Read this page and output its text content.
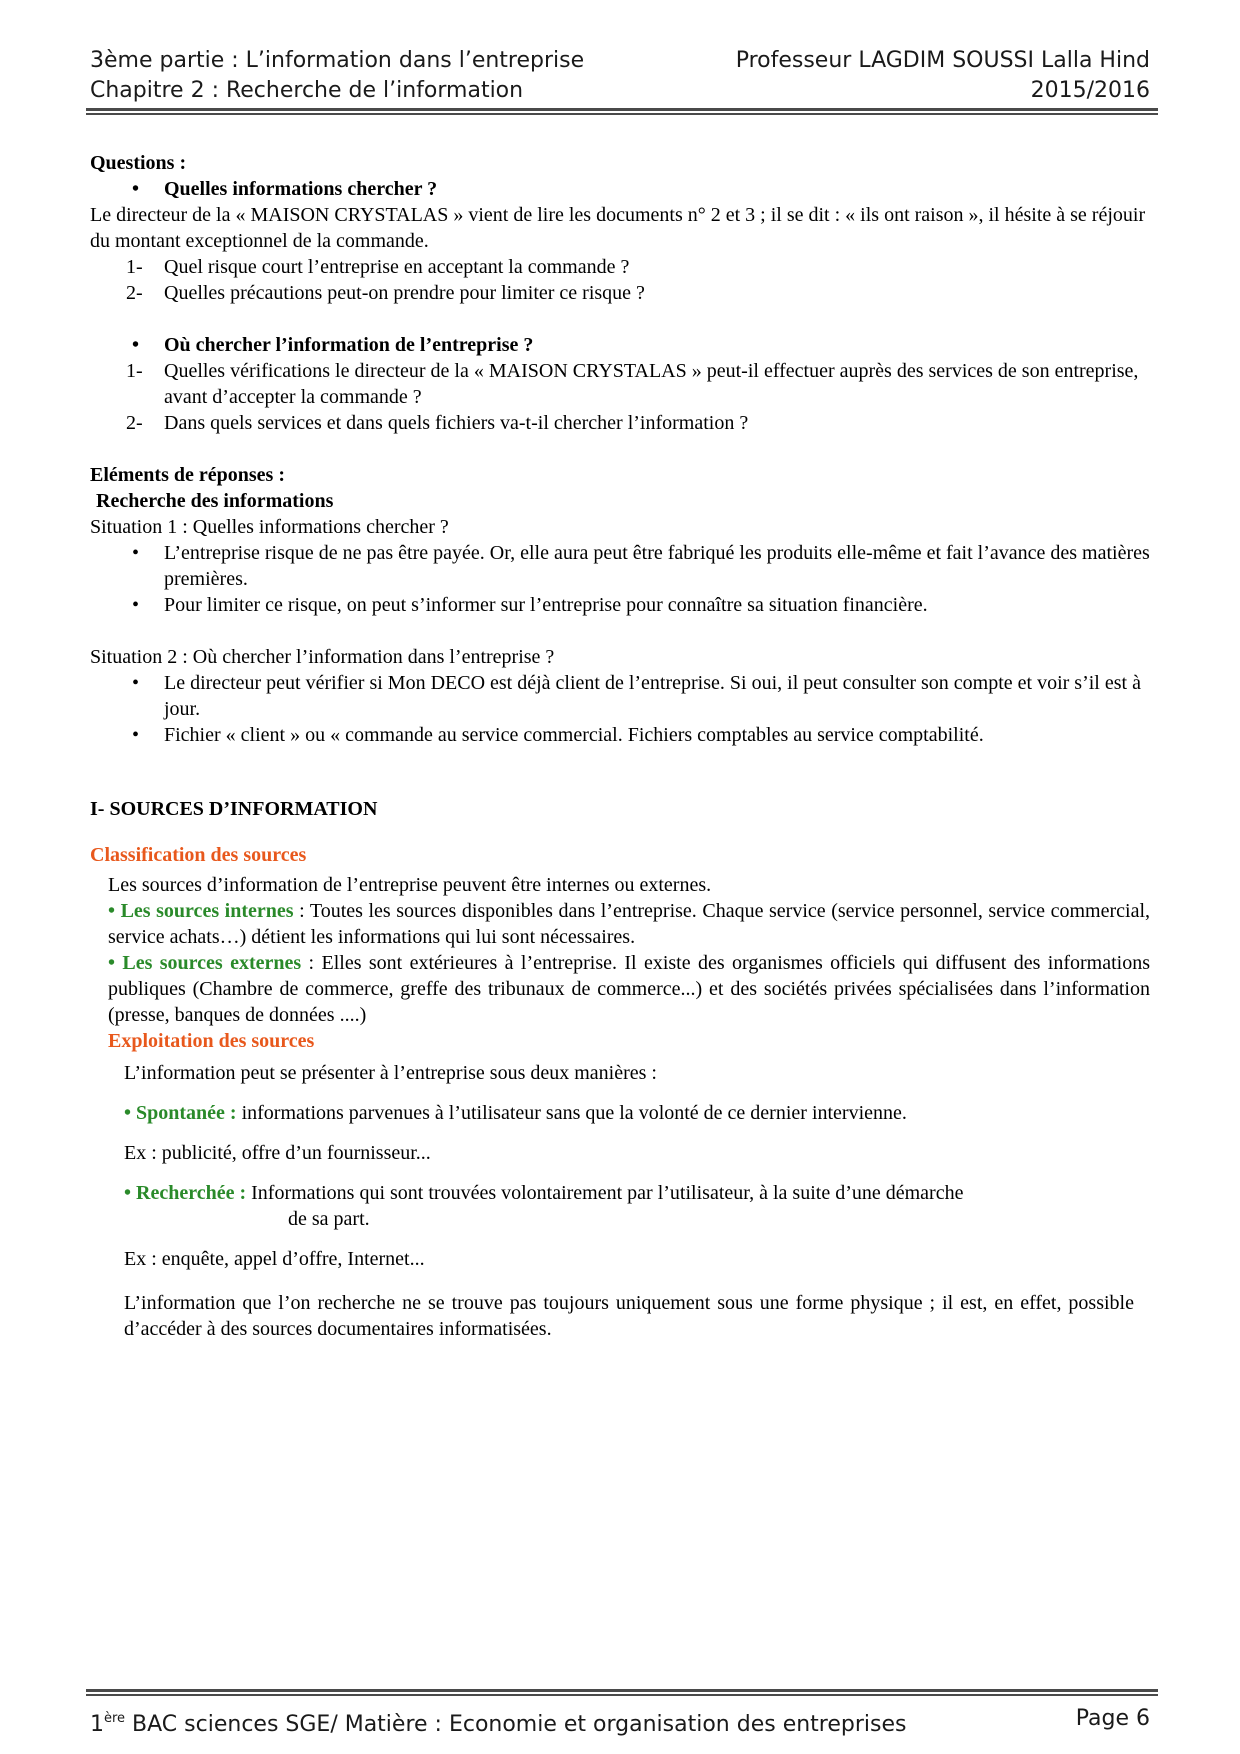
3ème partie : L’information dans l’entreprise	Professeur LAGDIM SOUSSI Lalla Hind
Chapitre 2 : Recherche de l’information	2015/2016

Questions :

• Quelles informations chercher ?

Le directeur de la « MAISON CRYSTALAS » vient de lire les documents n° 2 et 3 ; il se dit : « ils ont raison », il hésite à se réjouir du montant exceptionnel de la commande.

1- Quel risque court l’entreprise en acceptant la commande ?
2- Quelles précautions peut-on prendre pour limiter ce risque ?
• Où chercher l’information de l’entreprise ?
1- Quelles vérifications le directeur de la « MAISON CRYSTALAS » peut-il effectuer auprès des services de son entreprise, avant d’accepter la commande ?
2- Dans quels services et dans quels fichiers va-t-il chercher l’information ?

Eléments de réponses :

Recherche des informations

Situation 1 : Quelles informations chercher ?

• L’entreprise risque de ne pas être payée. Or, elle aura peut être fabriqué les produits elle-même et fait l’avance des matières premières.
• Pour limiter ce risque, on peut s’informer sur l’entreprise pour connaître sa situation financière.

Situation 2 : Où chercher l’information dans l’entreprise ?

• Le directeur peut vérifier si Mon DECO est déjà client de l’entreprise. Si oui, il peut consulter son compte et voir s’il est à jour.
• Fichier « client » ou « commande au service commercial. Fichiers comptables au service comptabilité.

I- SOURCES D’INFORMATION

Classification des sources

Les sources d’information de l’entreprise peuvent être internes ou externes.

• Les sources internes : Toutes les sources disponibles dans l’entreprise. Chaque service (service personnel, service commercial, service achats…) détient les informations qui lui sont nécessaires.

• Les sources externes : Elles sont extérieures à l’entreprise. Il existe des organismes officiels qui diffusent des informations publiques (Chambre de commerce, greffe des tribunaux de commerce...) et des sociétés privées spécialisées dans l’information (presse, banques de données ....)

Exploitation des sources

L’information peut se présenter à l’entreprise sous deux manières :

• Spontanée : informations parvenues à l’utilisateur sans que la volonté de ce dernier intervienne.

Ex : publicité, offre d’un fournisseur...

• Recherchée : Informations qui sont trouvées volontairement par l’utilisateur, à la suite d’une démarche

de sa part.

Ex : enquête, appel d’offre, Internet...

L’information que l’on recherche ne se trouve pas toujours uniquement sous une forme physique ; il est, en effet, possible d’accéder à des sources documentaires informatisées.

1ère BAC sciences SGE/ Matière : Economie et organisation des entreprises	Page 6
